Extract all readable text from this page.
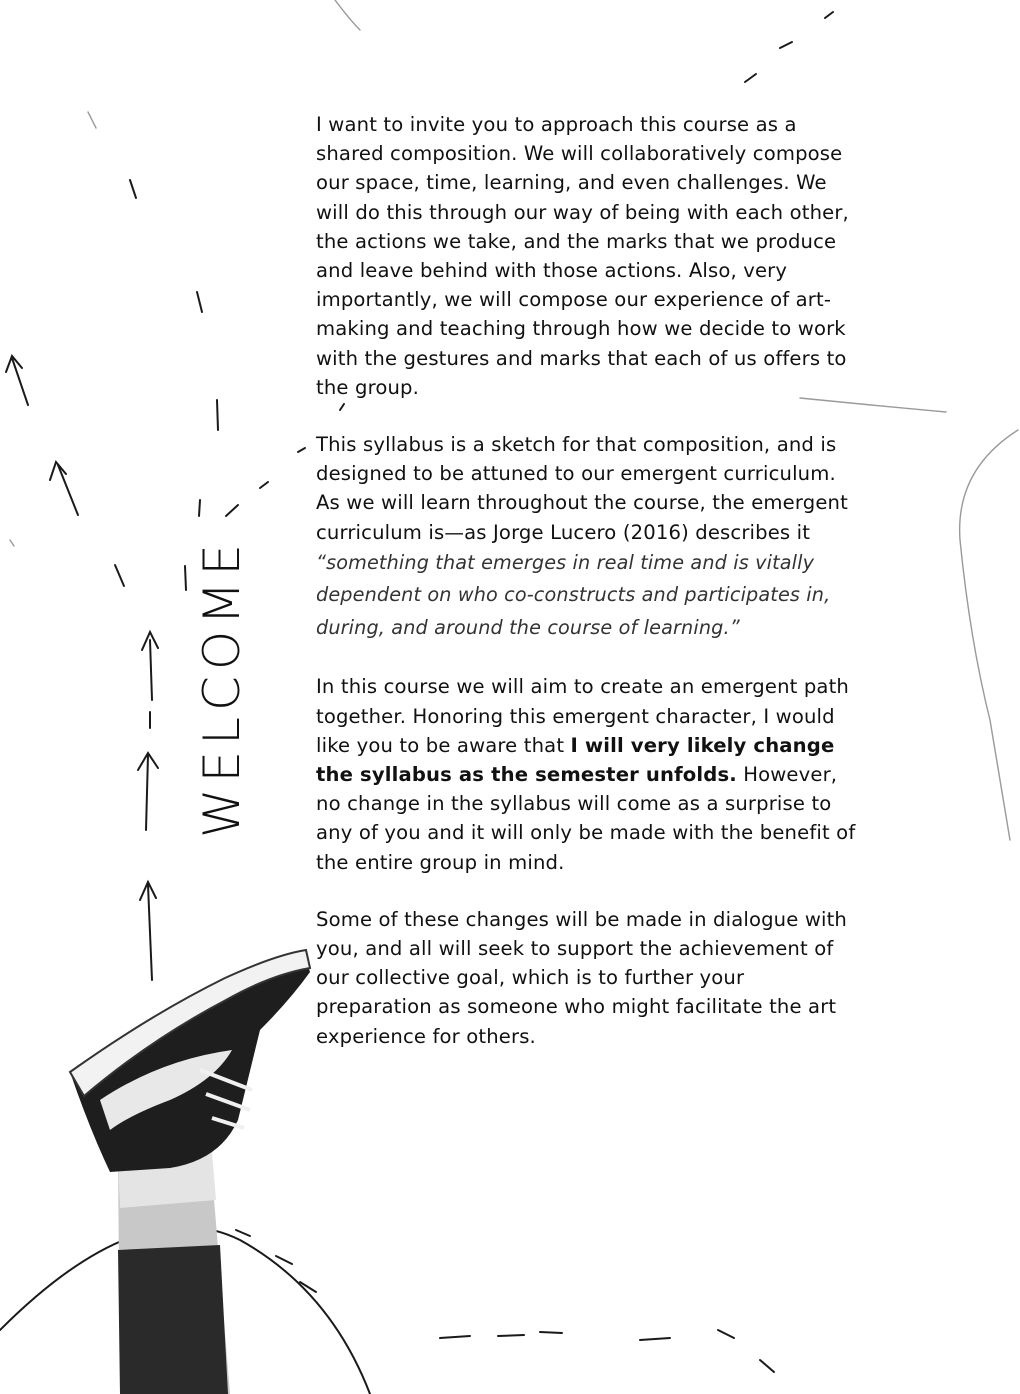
WELCOME

I want to invite you to approach this course as a shared composition. We will collaboratively compose our space, time, learning, and even challenges. We will do this through our way of being with each other, the actions we take, and the marks that we produce and leave behind with those actions. Also, very importantly, we will compose our experience of art-making and teaching through how we decide to work with the gestures and marks that each of us offers to the group.

This syllabus is a sketch for that composition, and is designed to be attuned to our emergent curriculum. As we will learn throughout the course, the emergent curriculum is—as Jorge Lucero (2016) describes it “something that emerges in real time and is vitally dependent on who co-constructs and participates in, during, and around the course of learning.”

In this course we will aim to create an emergent path together. Honoring this emergent character, I would like you to be aware that I will very likely change the syllabus as the semester unfolds. However, no change in the syllabus will come as a surprise to any of you and it will only be made with the benefit of the entire group in mind.

Some of these changes will be made in dialogue with you, and all will seek to support the achievement of our collective goal, which is to further your preparation as someone who might facilitate the art experience for others.
